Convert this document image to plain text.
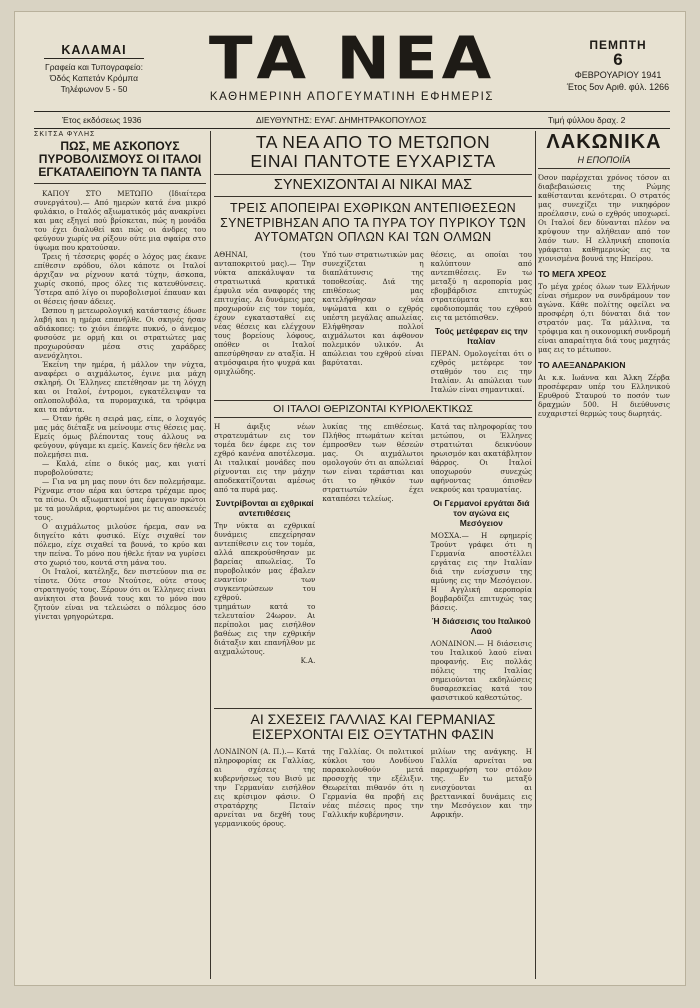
ΚΑΛΑΜΑΙ
Γραφεία και Τυπογραφείο:
Όδός Καπετάν Κρόμπα
Τηλέφωνον 5 - 50	ΤΑ ΝΕΑ
ΚΑΘΗΜΕΡΙΝΗ ΑΠΟΓΕΥΜΑΤΙΝΗ ΕΦΗΜΕΡΙΣ
ΠΕΜΠΤΗ
6
ΦΕΒΡΟΥΑΡΙΟΥ 1941
Έτος 5ον Αριθ. φύλ. 1266
Έτος εκδόσεως 1936	ΔΙΕΥΘΥΝΤΗΣ: ΕΥΑΓ. ΔΗΜΗΤΡΑΚΟΠΟΥΛΟΣ	Τιμή φύλλου δραχ. 2
ΣΚΙΤΣΑ ΦΥΛΗΣ
ΠΩΣ, ΜΕ ΑΣΚΟΠΟΥΣ ΠΥΡΟΒΟΛΙΣΜΟΥΣ ΟΙ ΙΤΑΛΟΙ ΕΓΚΑΤΑΛΕΙΠΟΥΝ ΤΑ ΠΑΝΤΑ

ΚΑΠΟΥ ΣΤΟ ΜΕΤΩΠΟ (Ιδιαίτερα συνεργάτου).— Από ημερών κατά ένα μικρό φυλάκιο, ο Ιταλός αξιωματικός μάς ανακρίνει και μας εξηγεί πού βρίσκεται, πώς η μονάδα του έχει διαλυθεί και πώς οι άνδρες του φεύγουν χωρίς να ρίξουν ούτε μια σφαίρα στο ύψωμα που κρατούσαν.

Τρεις ή τέσσερις φορές ο λόχος μας έκανε επίθεσιν εφόδου, όλοι κάποτε οι Ιταλοί άρχιζαν να ρίχνουν κατά τύχην, άσκοπα, χωρίς σκοπό, προς όλες τις κατευθύνσεις. Ύστερα από λίγο οι πυροβολισμοί έπαυαν και οι θέσεις ήσαν άδειες.

Ώσπου η μετεωρολογική κατάστασις έδωσε λαβή και η ημέρα επανήλθε. Οι σκηνές ήσαν αδιάκοπες: το χιόνι έπεφτε πυκνό, ο άνεμος φυσούσε με ορμή και οι στρατιώτες μας προχωρούσαν μέσα στις χαράδρες ανενόχλητοι.

Έκείνη την ημέρα, ή μάλλον την νύχτα, αναφέρει ο αιχμάλωτος, έγινε μια μάχη σκληρή. Οι Έλληνες επετέθησαν με τη λόγχη και οι Ιταλοί, έντρομοι, εγκατέλειψαν τα οπλοπολυβόλα, τα πυρομαχικά, τα τρόφιμα και τα πάντα.

— Όταν ήρθε η σειρά μας, είπε, ο λοχαγός μας μάς διέταξε να μείνουμε στις θέσεις μας. Εμείς όμως βλέποντας τους άλλους να φεύγουν, φύγαμε κι εμείς. Κανείς δεν ήθελε να πολεμήσει πια.

— Καλά, είπε ο δικός μας, και γιατί πυροβολούσατε;

— Για να μη μας πουν ότι δεν πολεμήσαμε. Ρίχναμε στον αέρα και ύστερα τρέχαμε προς τα πίσω. Οι αξιωματικοί μας έφευγαν πρώτοι με τα μουλάρια, φορτωμένοι με τις αποσκευές τους.

Ο αιχμάλωτος μιλούσε ήρεμα, σαν να διηγείτο κάτι φυσικό. Είχε σιχαθεί τον πόλεμο, είχε σιχαθεί τα βουνά, το κρύο και την πείνα. Το μόνο που ήθελε ήταν να γυρίσει στο χωριό του, κοντά στη μάνα του.

Οι Ιταλοί, κατέληξε, δεν πιστεύουν πια σε τίποτε. Ούτε στον Ντούτσε, ούτε στους στρατηγούς τους. Ξέρουν ότι οι Έλληνες είναι ανίκητοι στα βουνά τους και το μόνο που ζητούν είναι να τελειώσει ο πόλεμος όσο γίνεται γρηγορώτερα.

ΤΑ ΝΕΑ ΑΠΟ ΤΟ ΜΕΤΩΠΟΝ
ΕΙΝΑΙ ΠΑΝΤΟΤΕ ΕΥΧΑΡΙΣΤΑ
ΣΥΝΕΧΙΖΟΝΤΑΙ ΑΙ ΝΙΚΑΙ ΜΑΣ
ΤΡΕΙΣ ΑΠΟΠΕΙΡΑΙ ΕΧΘΡΙΚΩΝ ΑΝΤΕΠΙΘΕΣΕΩΝ ΣΥΝΕΤΡΙΒΗΣΑΝ ΑΠΟ ΤΑ ΠΥΡΑ ΤΟΥ ΠΥΡΙΚΟΥ ΤΩΝ ΑΥΤΟΜΑΤΩΝ ΟΠΛΩΝ ΚΑΙ ΤΩΝ ΟΛΜΩΝ
ΑΘΗΝΑΙ, (του ανταποκριτού μας).— Την νύκτα απεκάλυψαν τα στρατιωτικά κρατικά έμφυλα νέα αναφορές της επιτυχίας. Αι δυνάμεις μας προχωρούν εις τον τομέα, έχουν εγκατασταθεί εις νέας θέσεις και ελέγχουν τους βορείους λόφους, οπόθεν οι Ιταλοί απεσύρθησαν εν αταξία. Η ατμόσφαιρα ήτο ψυχρά και ομιχλώδης.
Υπό των στρατιωτικών μας συνεχίζεται η διαπλάτυνσις της τοποθεσίας. Διά της επιθέσεως μας κατελήφθησαν νέα υψώματα και ο εχθρός υπέστη μεγάλας απωλείας. Ελήφθησαν πολλοί αιχμάλωτοι και άφθονον πολεμικόν υλικόν. Αι απώλειαι του εχθρού είναι βαρύταται.
θέσεις, αι οποίαι του καλύπτουν από αντεπιθέσεις. Εν τω μεταξύ η αεροπορία μας εβομβάρδισε επιτυχώς στρατεύματα και εφοδιοπομπάς του εχθρού εις τα μετόπισθεν.
Τούς μετέφεραν εις την Ιταλίαν
ΠΕΡΑΝ. Ομολογείται ότι ο εχθρός μετέφερε τον σταθμόν του εις την Ιταλίαν. Αι απώλειαι των Ιταλών είναι σημαντικαί.
ΟΙ ΙΤΑΛΟΙ ΘΕΡΙΖΟΝΤΑΙ ΚΥΡΙΟΛΕΚΤΙΚΩΣ
Η άφιξις νέων στρατευμάτων εις τον τομέα δεν έφερε εις τον εχθρό κανένα αποτέλεσμα. Αι ιταλικαί μονάδες που ρίχνονται εις την μάχην αποδεκατίζονται αμέσως από τα πυρά μας.
Συντρίβονται αι εχθρικαί αντεπιθέσεις
Την νύκτα αι εχθρικαί δυνάμεις επεχείρησαν αντεπίθεσιν εις τον τομέα, αλλά απεκρούσθησαν με βαρείας απωλείας. Το πυροβολικόν μας έβαλεν εναντίον των συγκεντρώσεων του εχθρού.
τμημάτων κατά το τελευταίον 24ωρον. Αι περίπολοι μας εισήλθον βαθέως εις την εχθρικήν διάταξιν και επανήλθον με αιχμαλώτους.
Κ.Α.
λυκίας της επιθέσεως. Πλήθος πτωμάτων κείται έμπροσθεν των θέσεών μας. Οι αιχμάλωτοι ομολογούν ότι αι απώλειαί των είναι τεράστιαι και ότι το ηθικόν των στρατιωτών έχει καταπέσει τελείως.
Κατά τας πληροφορίας του μετώπου, οι Έλληνες στρατιώται δεικνύουν ηρωισμόν και ακατάβλητον θάρρος. Οι Ιταλοί υποχωρούν συνεχώς αφήνοντας όπισθεν νεκρούς και τραυματίας.
Οι Γερμανοί εργάται διά τον αγώνα εις Μεσόγειον
ΜΟΣΧΑ.— Η εφημερίς Τρούντ γράφει ότι η Γερμανία αποστέλλει εργάτας εις την Ιταλίαν διά την ενίσχυσιν της αμύνης εις την Μεσόγειον. Η Αγγλική αεροπορία βομβαρδίζει επιτυχώς τας βάσεις.
Ή διάσεισις του Ιταλικού Λαού
ΛΟΝΔΙΝΟΝ.— Η διάσεισις του Ιταλικού λαού είναι προφανής. Εις πολλάς πόλεις της Ιταλίας σημειούνται εκδηλώσεις δυσαρεσκείας κατά του φασιστικού καθεστώτος.
ΑΙ ΣΧΕΣΕΙΣ ΓΑΛΛΙΑΣ ΚΑΙ ΓΕΡΜΑΝΙΑΣ ΕΙΣΕΡΧΟΝΤΑΙ ΕΙΣ ΟΞΥΤΑΤΗΝ ΦΑΣΙΝ
ΛΟΝΔΙΝΟΝ (Α. Π.).— Κατά πληροφορίας εκ Γαλλίας, αι σχέσεις της κυβερνήσεως του Βισύ με την Γερμανίαν εισήλθον εις κρίσιμον φάσιν. Ο στρατάρχης Πεταίν αρνείται να δεχθή τους γερμανικούς όρους.
της Γαλλίας. Οι πολιτικοί κύκλοι του Λονδίνου παρακολουθούν μετά προσοχής την εξέλιξιν. Θεωρείται πιθανόν ότι η Γερμανία θα προβή εις νέας πιέσεις προς την Γαλλικήν κυβέρνησιν.
μιλίων της ανάγκης. Η Γαλλία αρνείται να παραχωρήση τον στόλον της. Εν τω μεταξύ ενισχύονται αι βρεττανικαί δυνάμεις εις την Μεσόγειον και την Αφρικήν.
ΛΑΚΩΝΙΚΑ
Η ΕΠΟΠΟΙΪΑ
Όσον παρέρχεται χρόνος τόσον αι διαβεβαιώσεις της Ρώμης καθίστανται κενότεραι. Ο στρατός μας συνεχίζει την νικηφόρον προέλασιν, ενώ ο εχθρός υποχωρεί. Οι Ιταλοί δεν δύνανται πλέον να κρύψουν την αλήθειαν από τον λαόν των. Η ελληνική εποποιία γράφεται καθημερινώς εις τα χιονισμένα βουνά της Ηπείρου.
ΤΟ ΜΕΓΑ ΧΡΕΟΣ
Το μέγα χρέος όλων των Ελλήνων είναι σήμερον να συνδράμουν τον αγώνα. Κάθε πολίτης οφείλει να προσφέρη ό,τι δύναται διά τον στρατόν μας. Τα μάλλινα, τα τρόφιμα και η οικονομική συνδρομή είναι απαραίτητα διά τους μαχητάς μας εις το μέτωπον.
ΤΟ ΑΛΕΞΑΝΔΡΑΚΙΟΝ
Αι κ.κ. Ιωάννα και Άλκη Ζέρβα προσέφεραν υπέρ του Ελληνικού Ερυθρού Σταυρού το ποσόν των δραχμών 500. Η διεύθυνσις ευχαριστεί θερμώς τους δωρητάς.
